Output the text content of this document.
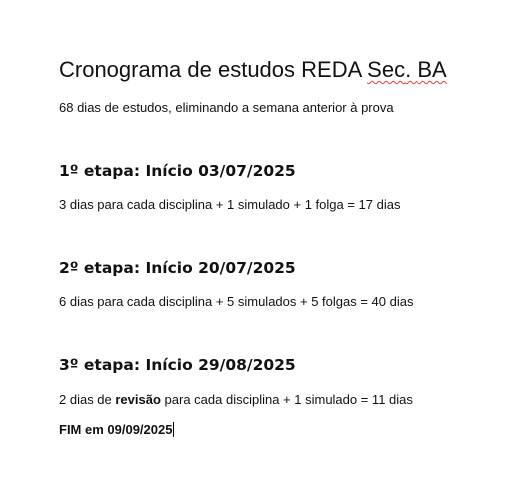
Cronograma de estudos REDA Sec. BA
68 dias de estudos, eliminando a semana anterior à prova
1º etapa: Início 03/07/2025
3 dias para cada disciplina + 1 simulado + 1 folga = 17 dias
2º etapa: Início 20/07/2025
6 dias para cada disciplina + 5 simulados + 5 folgas = 40 dias
3º etapa: Início 29/08/2025
2 dias de revisão para cada disciplina + 1 simulado = 11 dias
FIM em 09/09/2025
